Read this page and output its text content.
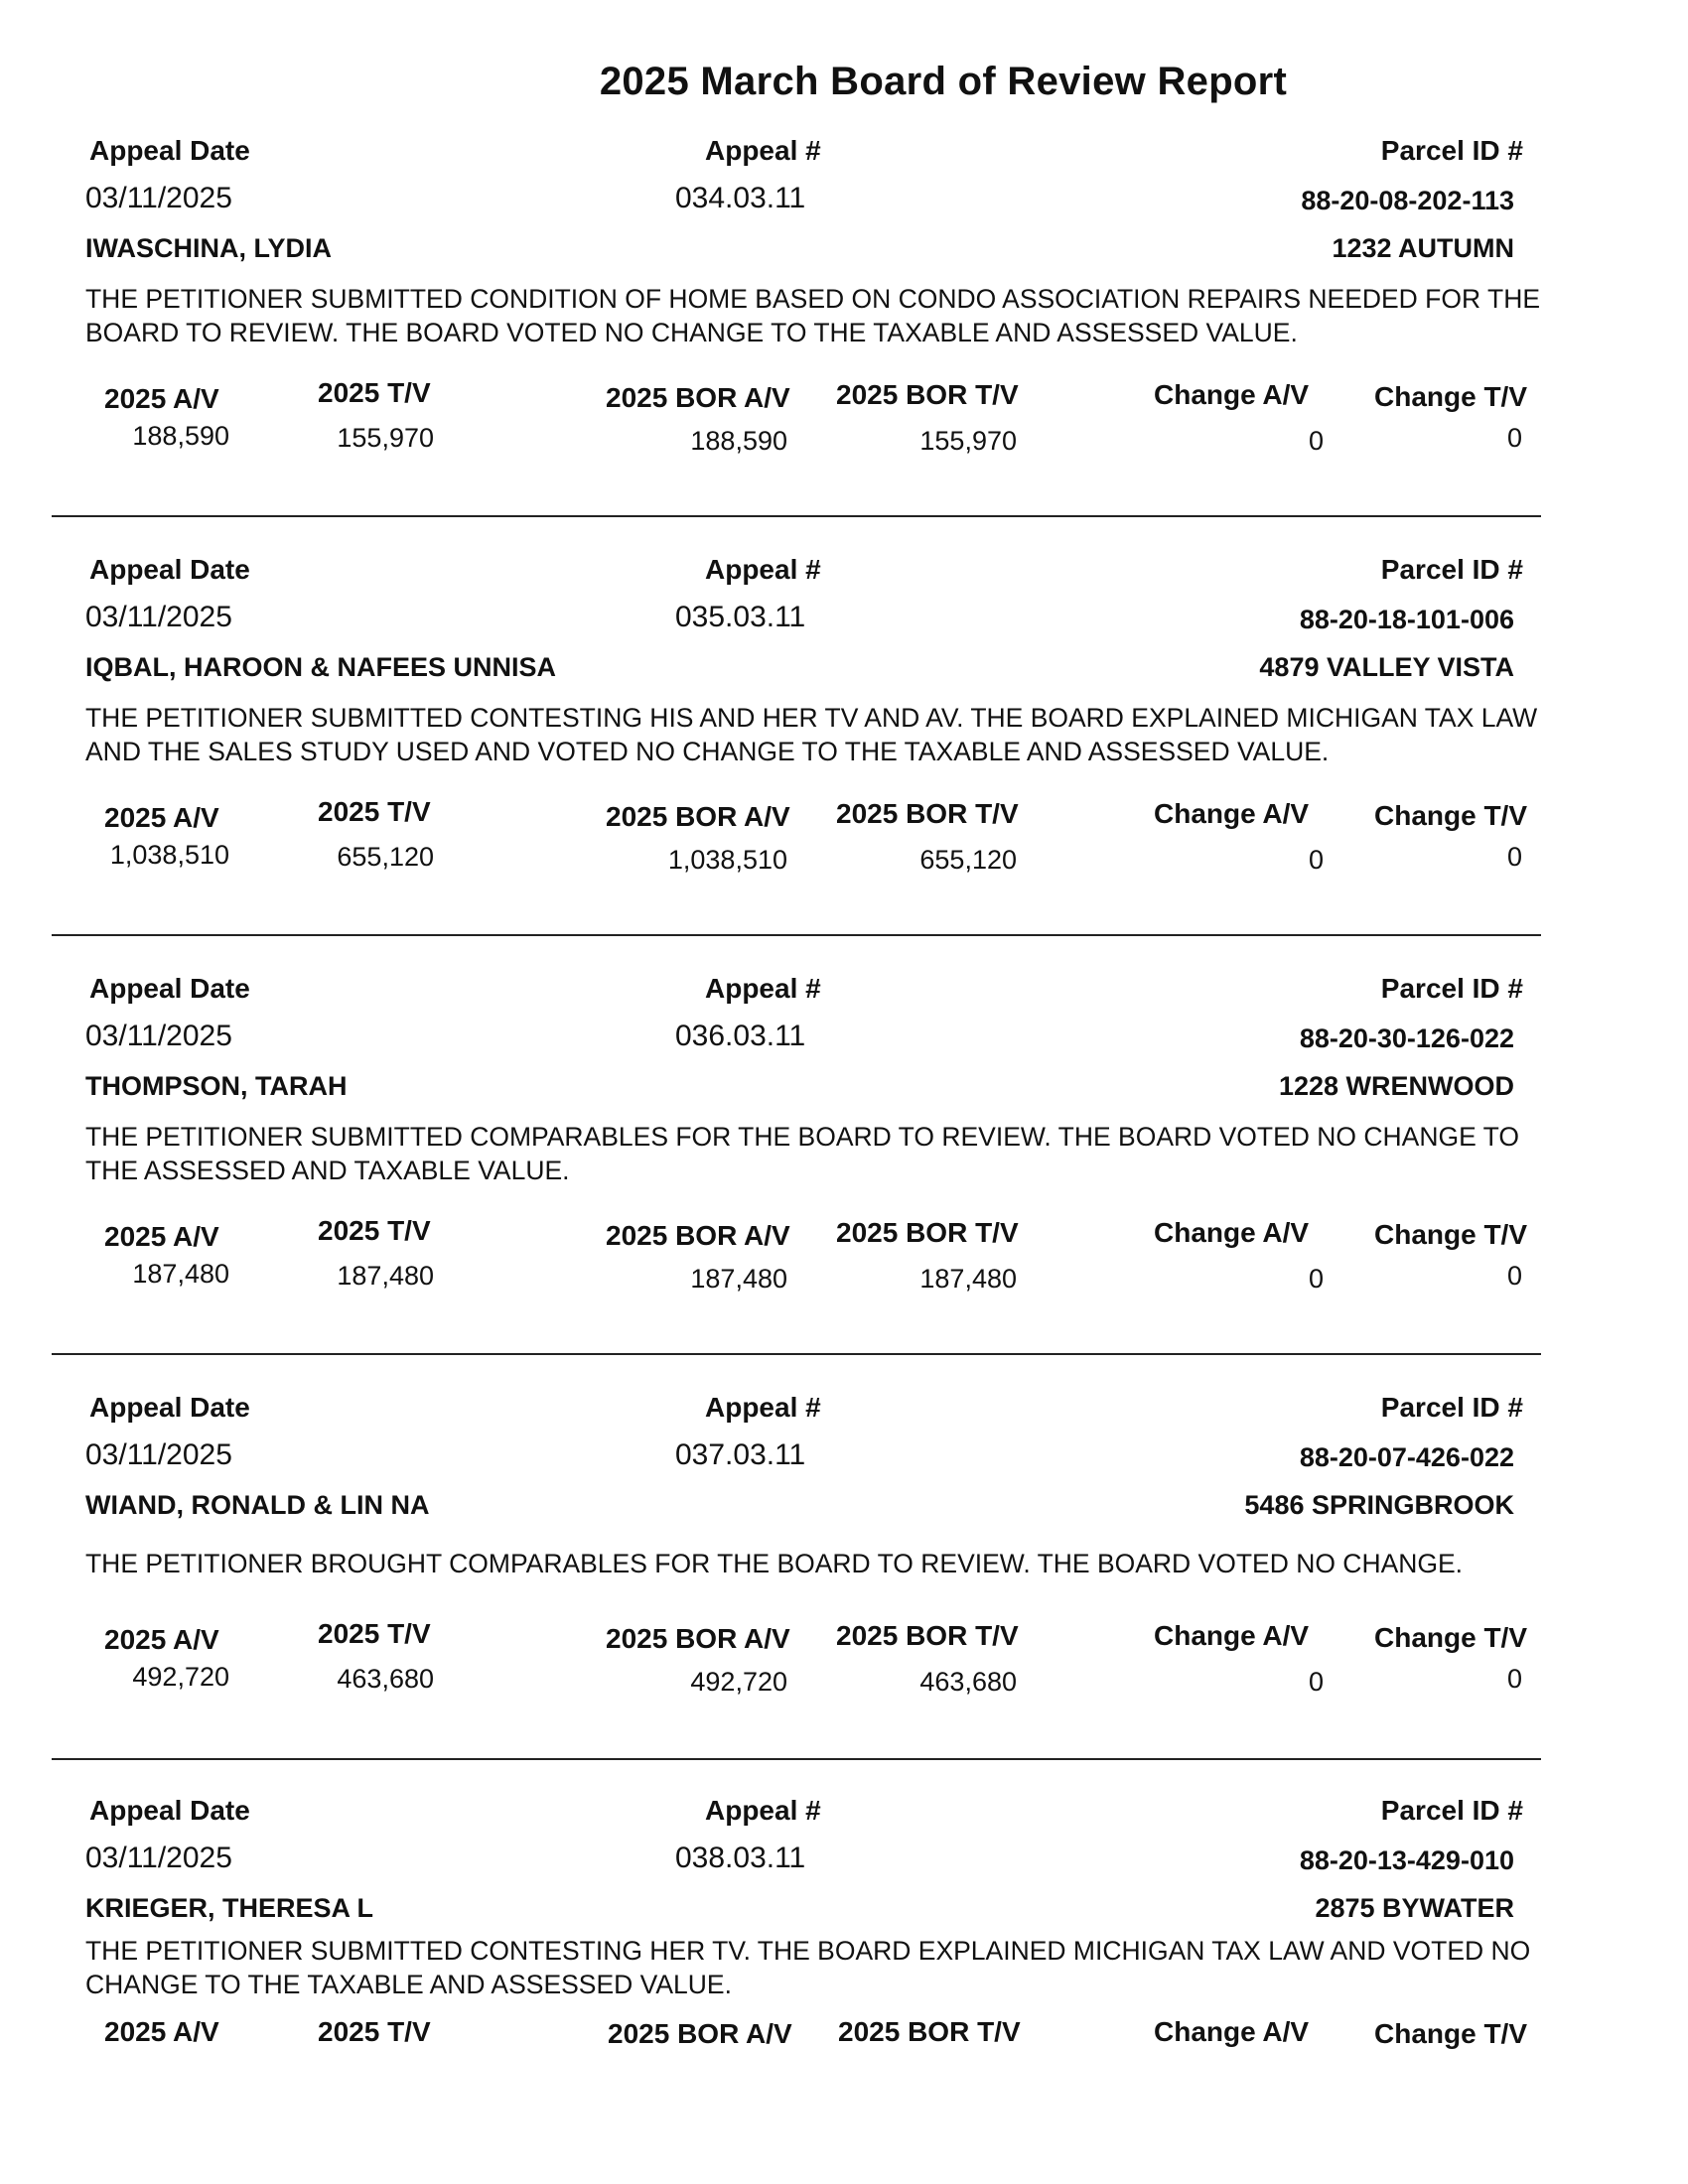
2025 March Board of Review Report
Appeal Date	Appeal #	Parcel ID #
03/11/2025	034.03.11	88-20-08-202-113
IWASCHINA, LYDIA	1232 AUTUMN
THE PETITIONER SUBMITTED CONDITION OF HOME BASED ON CONDO ASSOCIATION REPAIRS NEEDED FOR THE BOARD TO REVIEW. THE BOARD VOTED NO CHANGE TO THE TAXABLE AND ASSESSED VALUE.
2025 A/V	2025 T/V	2025 BOR A/V 2025 BOR T/V	Change A/V Change T/V
188,590	155,970	188,590	155,970	0	0
Appeal Date	Appeal #	Parcel ID #
03/11/2025	035.03.11	88-20-18-101-006
IQBAL, HAROON & NAFEES UNNISA	4879 VALLEY VISTA
THE PETITIONER SUBMITTED CONTESTING HIS AND HER TV AND AV. THE BOARD EXPLAINED MICHIGAN TAX LAW AND THE SALES STUDY USED AND VOTED NO CHANGE TO THE TAXABLE AND ASSESSED VALUE.
2025 A/V	2025 T/V	2025 BOR A/V 2025 BOR T/V	Change A/V Change T/V
1,038,510	655,120	1,038,510	655,120	0	0
Appeal Date	Appeal #	Parcel ID #
03/11/2025	036.03.11	88-20-30-126-022
THOMPSON, TARAH	1228 WRENWOOD
THE PETITIONER SUBMITTED COMPARABLES FOR THE BOARD TO REVIEW. THE BOARD VOTED NO CHANGE TO THE ASSESSED AND TAXABLE VALUE.
2025 A/V	2025 T/V	2025 BOR A/V 2025 BOR T/V	Change A/V Change T/V
187,480	187,480	187,480	187,480	0	0
Appeal Date	Appeal #	Parcel ID #
03/11/2025	037.03.11	88-20-07-426-022
WIAND, RONALD & LIN NA	5486 SPRINGBROOK
THE PETITIONER BROUGHT COMPARABLES FOR THE BOARD TO REVIEW. THE BOARD VOTED NO CHANGE.
2025 A/V	2025 T/V	2025 BOR A/V 2025 BOR T/V	Change A/V Change T/V
492,720	463,680	492,720	463,680	0	0
Appeal Date	Appeal #	Parcel ID #
03/11/2025	038.03.11	88-20-13-429-010
KRIEGER, THERESA L	2875 BYWATER
THE PETITIONER SUBMITTED CONTESTING HER TV. THE BOARD EXPLAINED MICHIGAN TAX LAW AND VOTED NO CHANGE TO THE TAXABLE AND ASSESSED VALUE.
2025 A/V	2025 T/V	2025 BOR A/V 2025 BOR T/V	Change A/V Change T/V
